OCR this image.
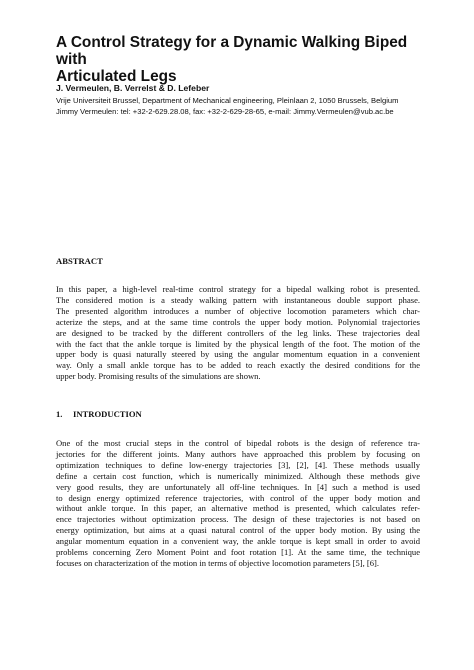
A Control Strategy for a Dynamic Walking Biped with
Articulated Legs
J. Vermeulen, B. Verrelst & D. Lefeber
Vrije Universiteit Brussel, Department of Mechanical engineering, Pleinlaan 2, 1050 Brussels, Belgium
Jimmy Vermeulen: tel: +32-2-629.28.08, fax: +32-2-629-28-65, e-mail: Jimmy.Vermeulen@vub.ac.be
ABSTRACT
In this paper, a high-level real-time control strategy for a bipedal walking robot is presented.
The considered motion is a steady walking pattern with instantaneous double support phase.
The presented algorithm introduces a number of objective locomotion parameters which char-
acterize the steps, and at the same time controls the upper body motion. Polynomial trajectories
are designed to be tracked by the different controllers of the leg links. These trajectories deal
with the fact that the ankle torque is limited by the physical length of the foot. The motion of the
upper body is quasi naturally steered by using the angular momentum equation in a convenient
way. Only a small ankle torque has to be added to reach exactly the desired conditions for the
upper body. Promising results of the simulations are shown.
1. INTRODUCTION
One of the most crucial steps in the control of bipedal robots is the design of reference tra-
jectories for the different joints. Many authors have approached this problem by focusing on
optimization techniques to define low-energy trajectories [3], [2], [4]. These methods usually
define a certain cost function, which is numerically minimized. Although these methods give
very good results, they are unfortunately all off-line techniques. In [4] such a method is used
to design energy optimized reference trajectories, with control of the upper body motion and
without ankle torque. In this paper, an alternative method is presented, which calculates refer-
ence trajectories without optimization process. The design of these trajectories is not based on
energy optimization, but aims at a quasi natural control of the upper body motion. By using the
angular momentum equation in a convenient way, the ankle torque is kept small in order to avoid
problems concerning Zero Moment Point and foot rotation [1]. At the same time, the technique
focuses on characterization of the motion in terms of objective locomotion parameters [5], [6].
